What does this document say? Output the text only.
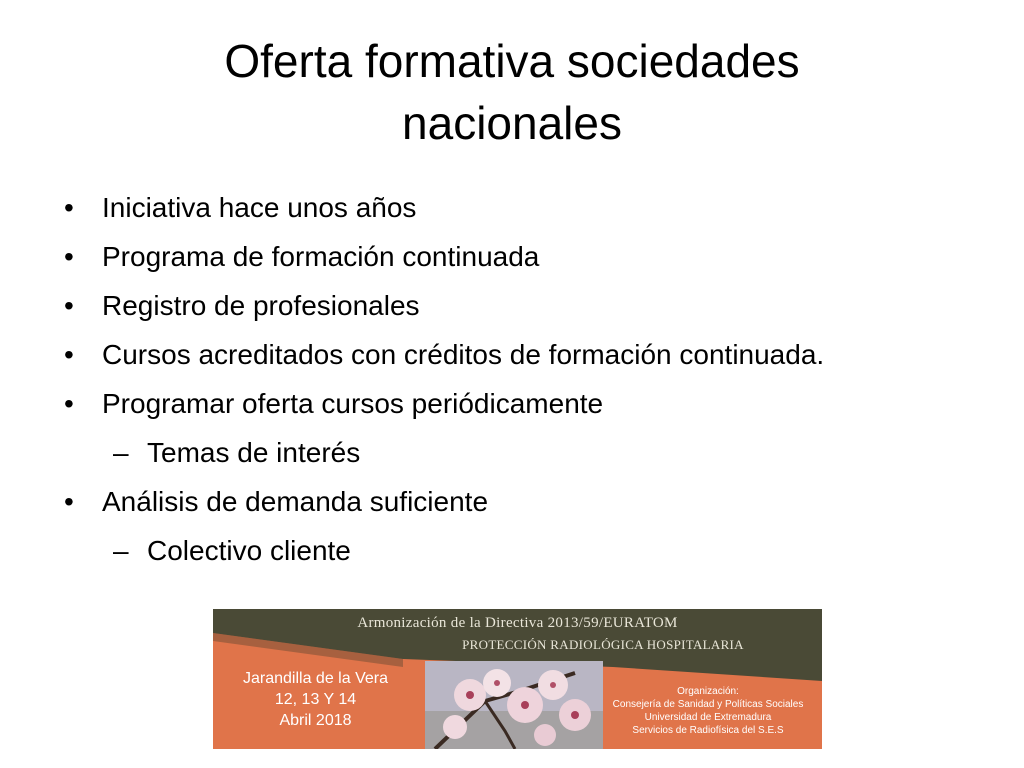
Oferta formativa sociedades
nacionales
• Iniciativa hace unos años
• Programa de formación continuada
• Registro de profesionales
• Cursos acreditados con créditos de formación continuada.
• Programar oferta cursos periódicamente
– Temas de interés
• Análisis de demanda suficiente
– Colectivo cliente
Armonización de la Directiva 2013/59/EURATOM
PROTECCIÓN RADIOLÓGICA HOSPITALARIA
Jarandilla de la Vera
12, 13 Y 14
Abril 2018
Organización:
Consejería de Sanidad y Políticas Sociales
Universidad de Extremadura
Servicios de Radiofísica del S.E.S
